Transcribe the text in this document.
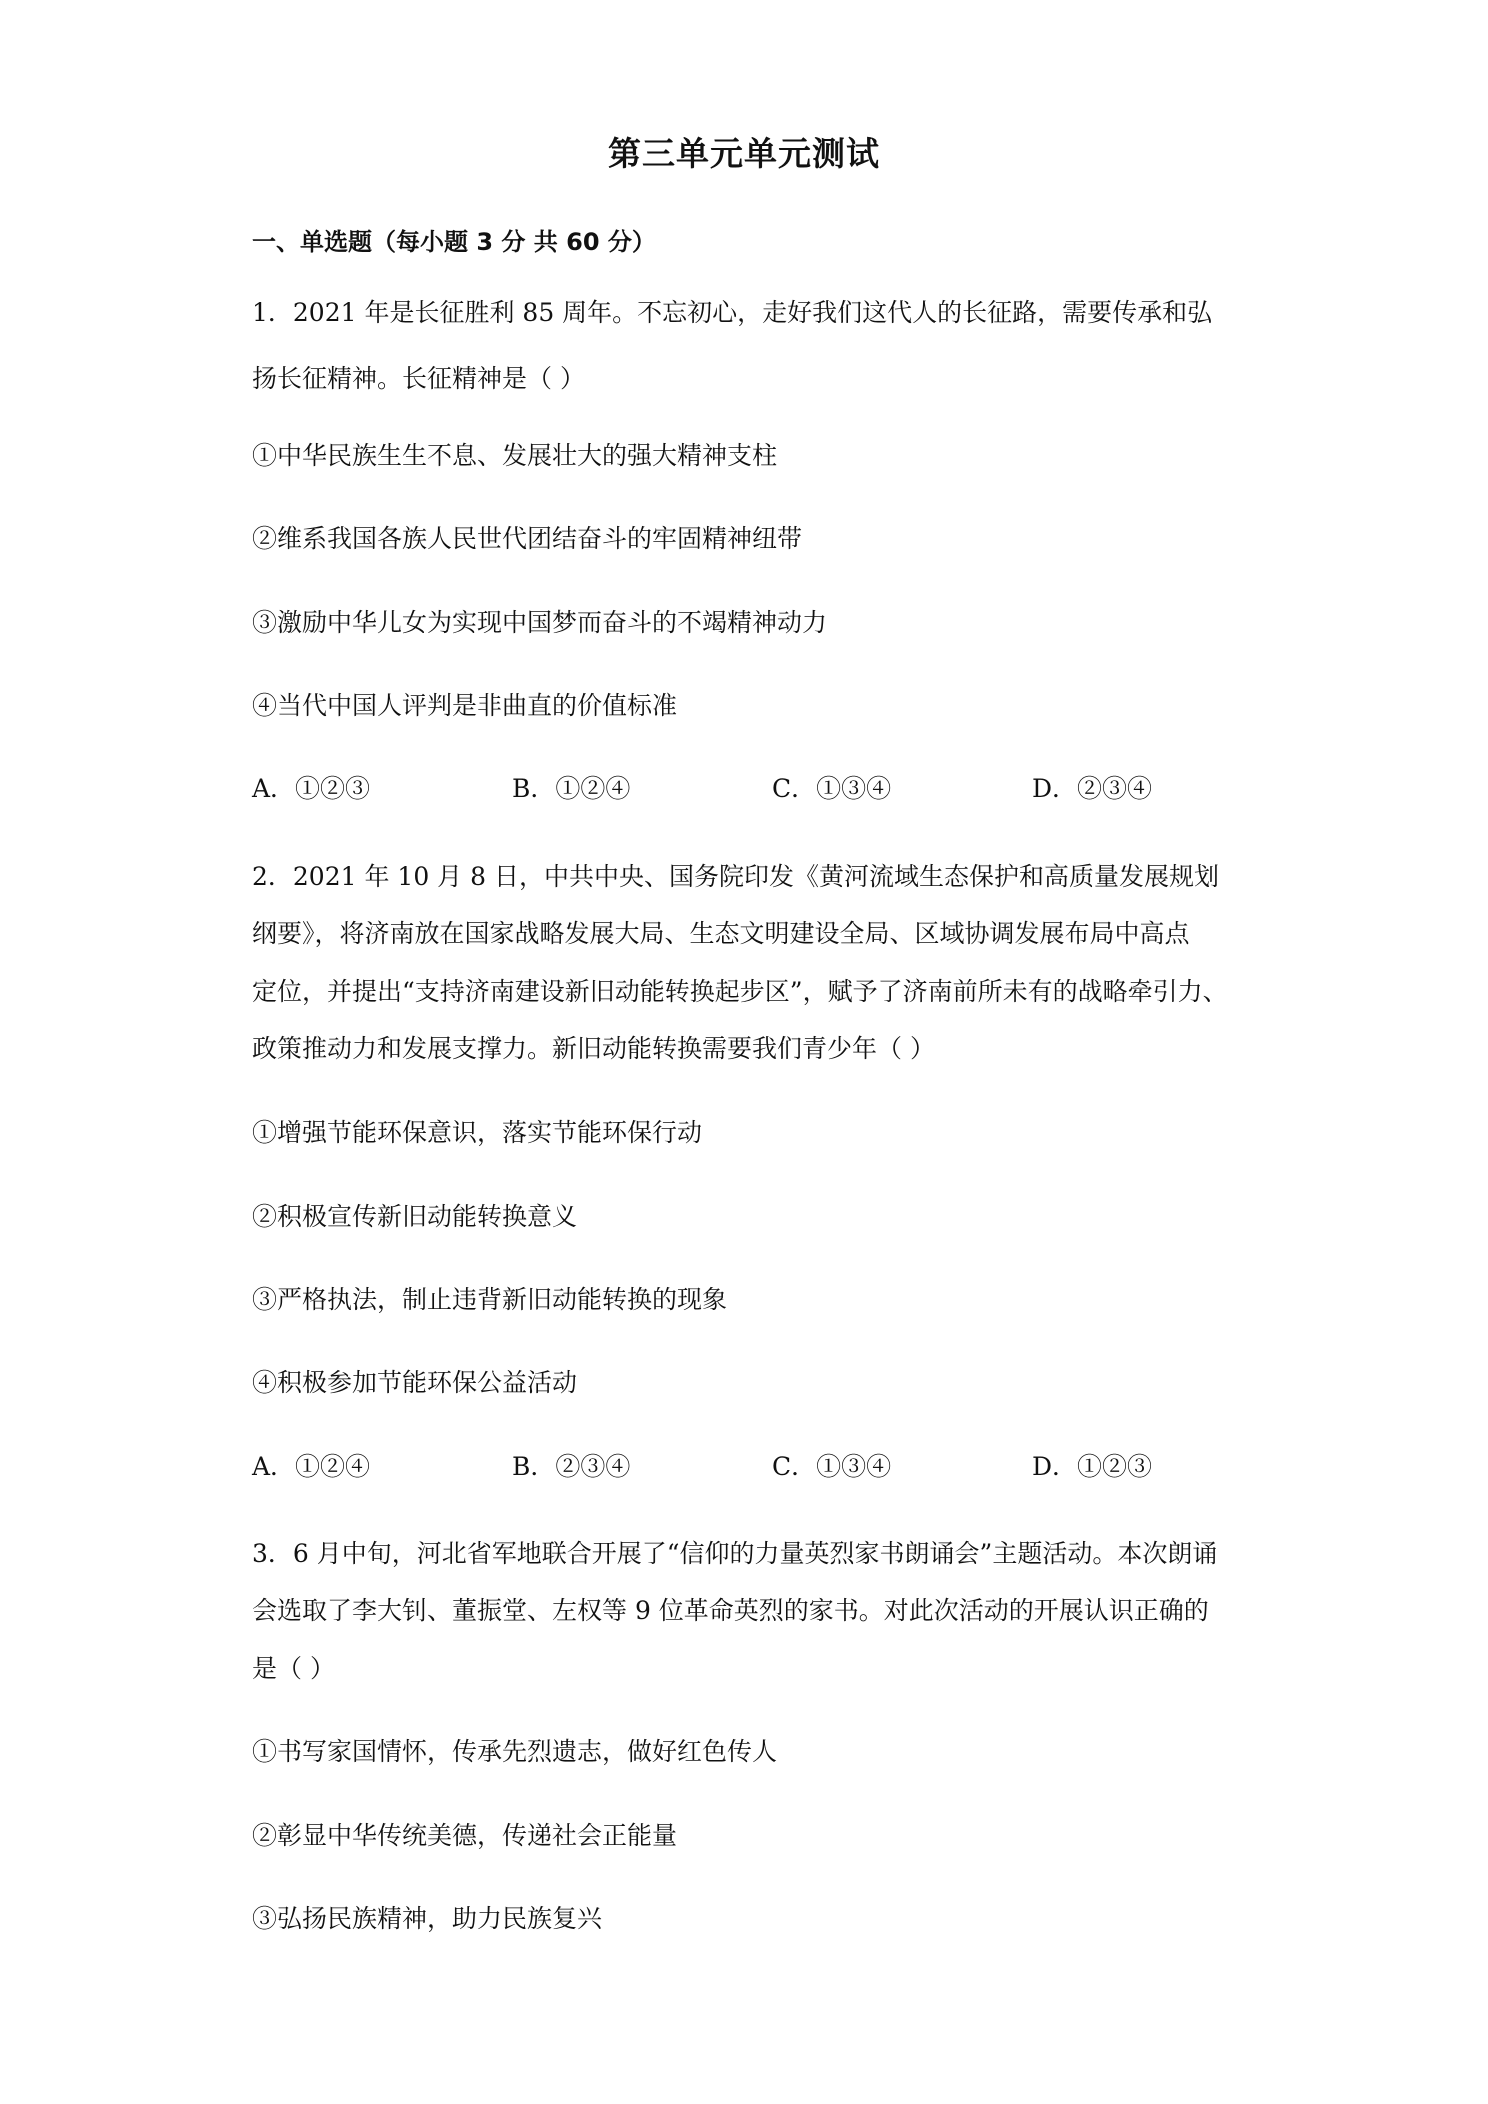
第三单元单元测试
一、单选题（每小题 3 分 共 60 分）
1．2021 年是长征胜利 85 周年。不忘初心，走好我们这代人的长征路，需要传承和弘
扬长征精神。长征精神是（ ）
①中华民族生生不息、发展壮大的强大精神支柱
②维系我国各族人民世代团结奋斗的牢固精神纽带
③激励中华儿女为实现中国梦而奋斗的不竭精神动力
④当代中国人评判是非曲直的价值标准
A．①②③	B．①②④	C．①③④	D．②③④
2．2021 年 10 月 8 日，中共中央、国务院印发《黄河流域生态保护和高质量发展规划
纲要》，将济南放在国家战略发展大局、生态文明建设全局、区域协调发展布局中高点
定位，并提出“支持济南建设新旧动能转换起步区”，赋予了济南前所未有的战略牵引力、
政策推动力和发展支撑力。新旧动能转换需要我们青少年（ ）
①增强节能环保意识，落实节能环保行动
②积极宣传新旧动能转换意义
③严格执法，制止违背新旧动能转换的现象
④积极参加节能环保公益活动
A．①②④	B．②③④	C．①③④	D．①②③
3．6 月中旬，河北省军地联合开展了“信仰的力量英烈家书朗诵会”主题活动。本次朗诵
会选取了李大钊、董振堂、左权等 9 位革命英烈的家书。对此次活动的开展认识正确的
是（ ）
①书写家国情怀，传承先烈遗志，做好红色传人
②彰显中华传统美德，传递社会正能量
③弘扬民族精神，助力民族复兴
